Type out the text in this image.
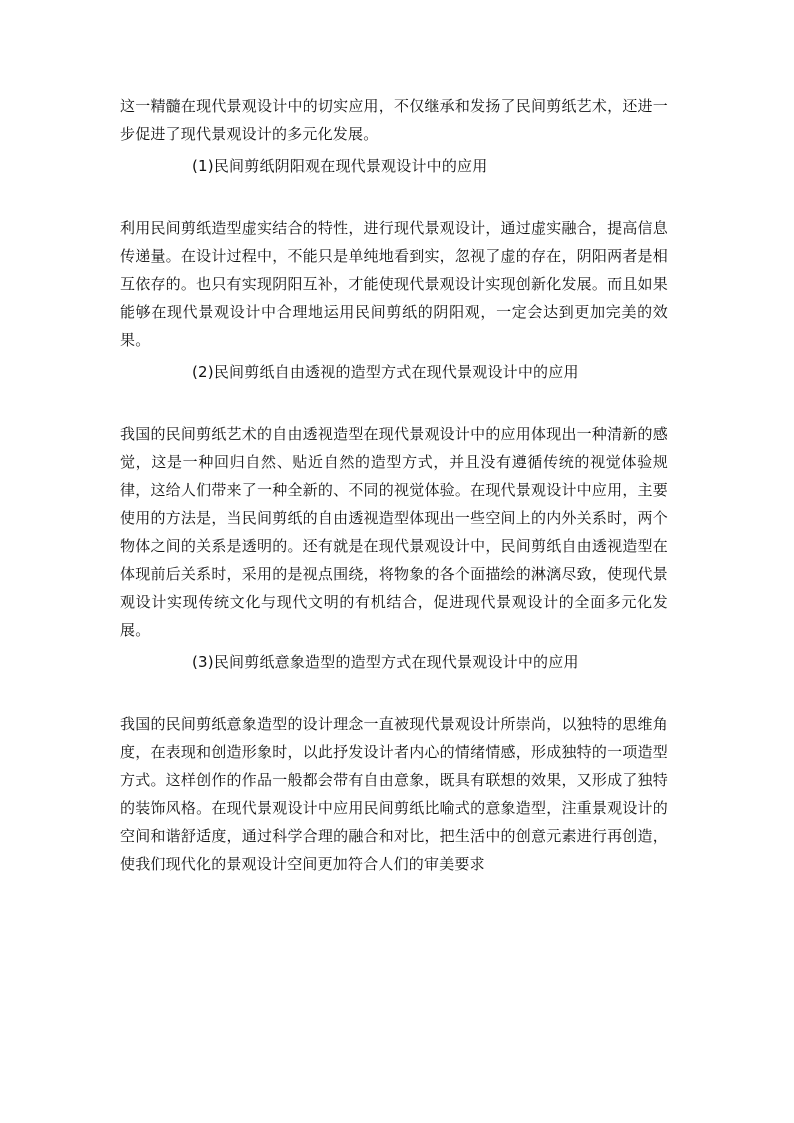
这一精髓在现代景观设计中的切实应用，不仅继承和发扬了民间剪纸艺术，还进一步促进了现代景观设计的多元化发展。

(1)民间剪纸阴阳观在现代景观设计中的应用

利用民间剪纸造型虚实结合的特性，进行现代景观设计，通过虚实融合，提高信息传递量。在设计过程中，不能只是单纯地看到实，忽视了虚的存在，阴阳两者是相互依存的。也只有实现阴阳互补，才能使现代景观设计实现创新化发展。而且如果能够在现代景观设计中合理地运用民间剪纸的阴阳观，一定会达到更加完美的效果。

(2)民间剪纸自由透视的造型方式在现代景观设计中的应用

我国的民间剪纸艺术的自由透视造型在现代景观设计中的应用体现出一种清新的感觉，这是一种回归自然、贴近自然的造型方式，并且没有遵循传统的视觉体验规律，这给人们带来了一种全新的、不同的视觉体验。在现代景观设计中应用，主要使用的方法是，当民间剪纸的自由透视造型体现出一些空间上的内外关系时，两个物体之间的关系是透明的。还有就是在现代景观设计中，民间剪纸自由透视造型在体现前后关系时，采用的是视点围绕，将物象的各个面描绘的淋漓尽致，使现代景观设计实现传统文化与现代文明的有机结合，促进现代景观设计的全面多元化发展。

(3)民间剪纸意象造型的造型方式在现代景观设计中的应用

我国的民间剪纸意象造型的设计理念一直被现代景观设计所崇尚，以独特的思维角度，在表现和创造形象时，以此抒发设计者内心的情绪情感，形成独特的一项造型方式。这样创作的作品一般都会带有自由意象，既具有联想的效果，又形成了独特的装饰风格。在现代景观设计中应用民间剪纸比喻式的意象造型，注重景观设计的空间和谐舒适度，通过科学合理的融合和对比，把生活中的创意元素进行再创造，使我们现代化的景观设计空间更加符合人们的审美要求
